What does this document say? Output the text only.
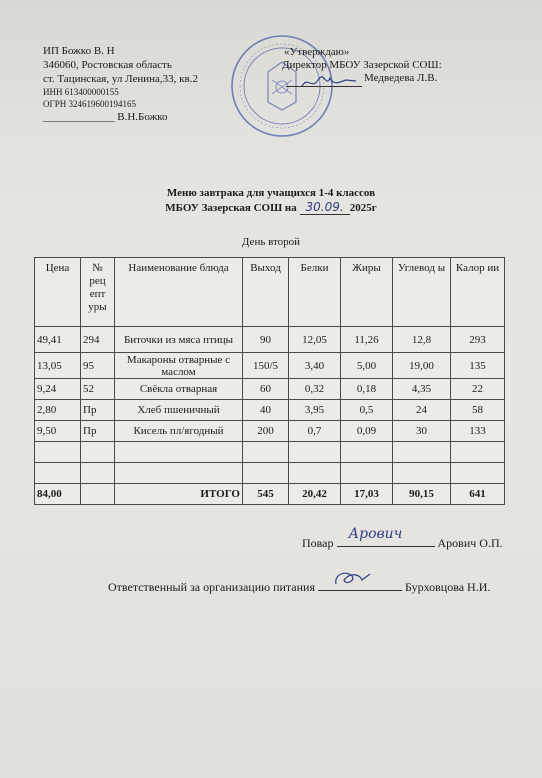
ИП Божко В. Н
346060, Ростовская область
ст. Тацинская, ул Ленина,33, кв.2
ИНН 613400000155
ОГРН 324619600194165
_____________ В.Н.Божко
«Утверждаю»
Директор МБОУ Зазерской СОШ:
Медведева Л.В.
Меню завтрака для учащихся 1-4 классов
МБОУ Зазерская СОШ на 30.09. 2025г
День второй
Цена	№ рец епт уры	Наименование блюда	Выход	Белки	Жиры	Углевод ы	Калор ии
49,41	294	Биточки из мяса птицы	90	12,05	11,26	12,8	293
13,05	95	Макароны отварные с маслом	150/5	3,40	5,00	19,00	135
9,24	52	Свёкла отварная	60	0,32	0,18	4,35	22
2,80	Пр	Хлеб пшеничный	40	3,95	0,5	24	58
9,50	Пр	Кисель пл/ягодный	200	0,7	0,09	30	133

84,00		ИТОГО	545	20,42	17,03	90,15	641
Повар
Арович
Арович О.П.
Ответственный за организацию питания	Бурховцова Н.И.
